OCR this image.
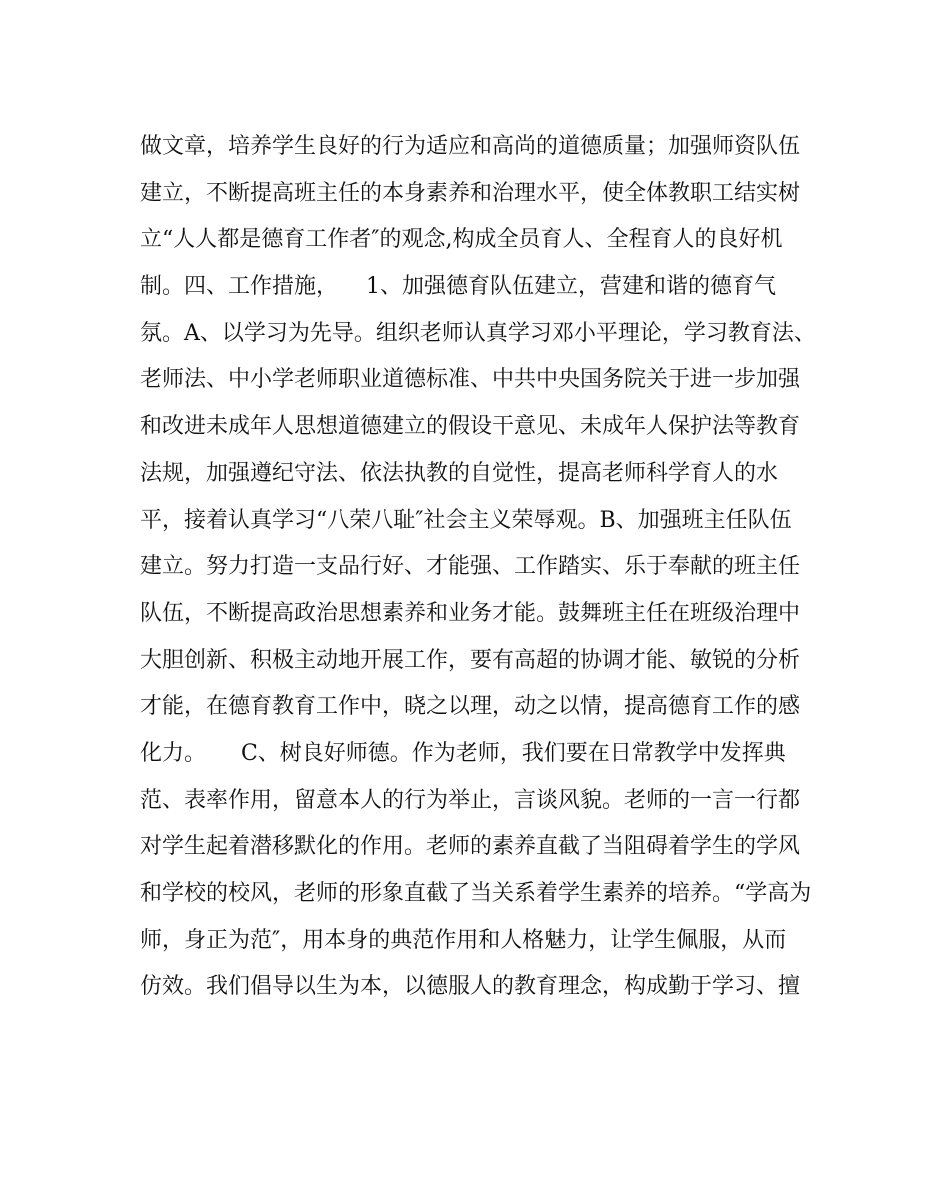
做文章，培养学生良好的行为适应和高尚的道德质量；加强师资队伍
建立，不断提高班主任的本身素养和治理水平，使全体教职工结实树
立“人人都是德育工作者″的观念,构成全员育人、全程育人的良好机
制。四、工作措施，    1、加强德育队伍建立，营建和谐的德育气
氛。A、以学习为先导。组织老师认真学习邓小平理论，学习教育法、
老师法、中小学老师职业道德标准、中共中央国务院关于进一步加强
和改进未成年人思想道德建立的假设干意见、未成年人保护法等教育
法规，加强遵纪守法、依法执教的自觉性，提高老师科学育人的水
平，接着认真学习“八荣八耻″社会主义荣辱观。B、加强班主任队伍
建立。努力打造一支品行好、才能强、工作踏实、乐于奉献的班主任
队伍，不断提高政治思想素养和业务才能。鼓舞班主任在班级治理中
大胆创新、积极主动地开展工作，要有高超的协调才能、敏锐的分析
才能，在德育教育工作中，晓之以理，动之以情，提高德育工作的感
化力。     C、树良好师德。作为老师，我们要在日常教学中发挥典
范、表率作用，留意本人的行为举止，言谈风貌。老师的一言一行都
对学生起着潜移默化的作用。老师的素养直截了当阻碍着学生的学风
和学校的校风，老师的形象直截了当关系着学生素养的培养。“学高为
师，身正为范″，用本身的典范作用和人格魅力，让学生佩服，从而
仿效。我们倡导以生为本，以德服人的教育理念，构成勤于学习、擅
